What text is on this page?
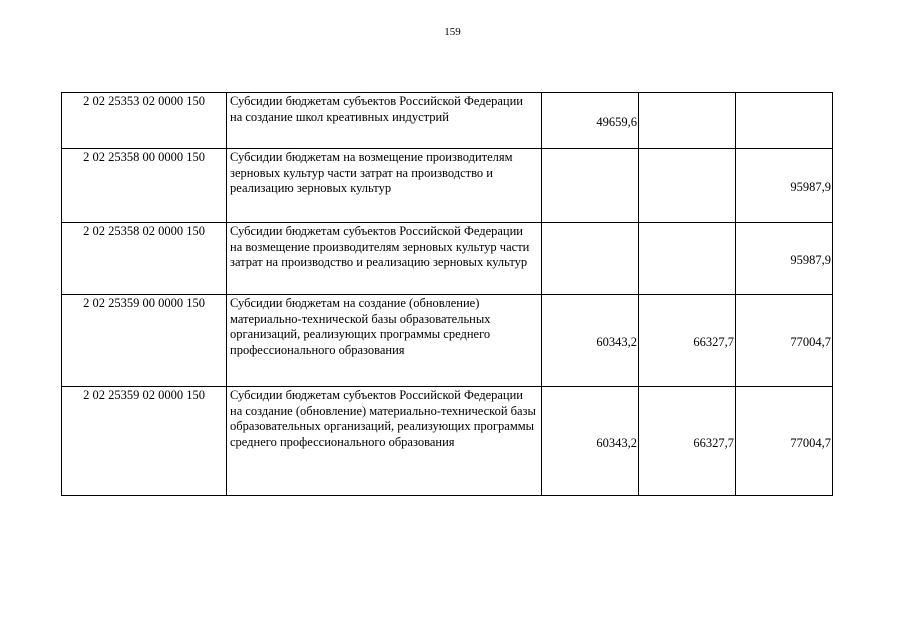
159
2 02 25353 02 0000 150	Субсидии бюджетам субъектов Российской Федерации на создание школ креативных индустрий	49659,6		
2 02 25358 00 0000 150	Субсидии бюджетам на возмещение производителям зерновых культур части затрат на производство и реализацию зерновых культур			95987,9
2 02 25358 02 0000 150	Субсидии бюджетам субъектов Российской Федерации на возмещение производителям зерновых культур части затрат на производство и реализацию зерновых культур			95987,9
2 02 25359 00 0000 150	Субсидии бюджетам на создание (обновление) материально-технической базы образовательных организаций, реализующих программы среднего профессионального образования	60343,2	66327,7	77004,7
2 02 25359 02 0000 150	Субсидии бюджетам субъектов Российской Федерации на создание (обновление) материально-технической базы образовательных организаций, реализующих программы среднего профессионального образования	60343,2	66327,7	77004,7
